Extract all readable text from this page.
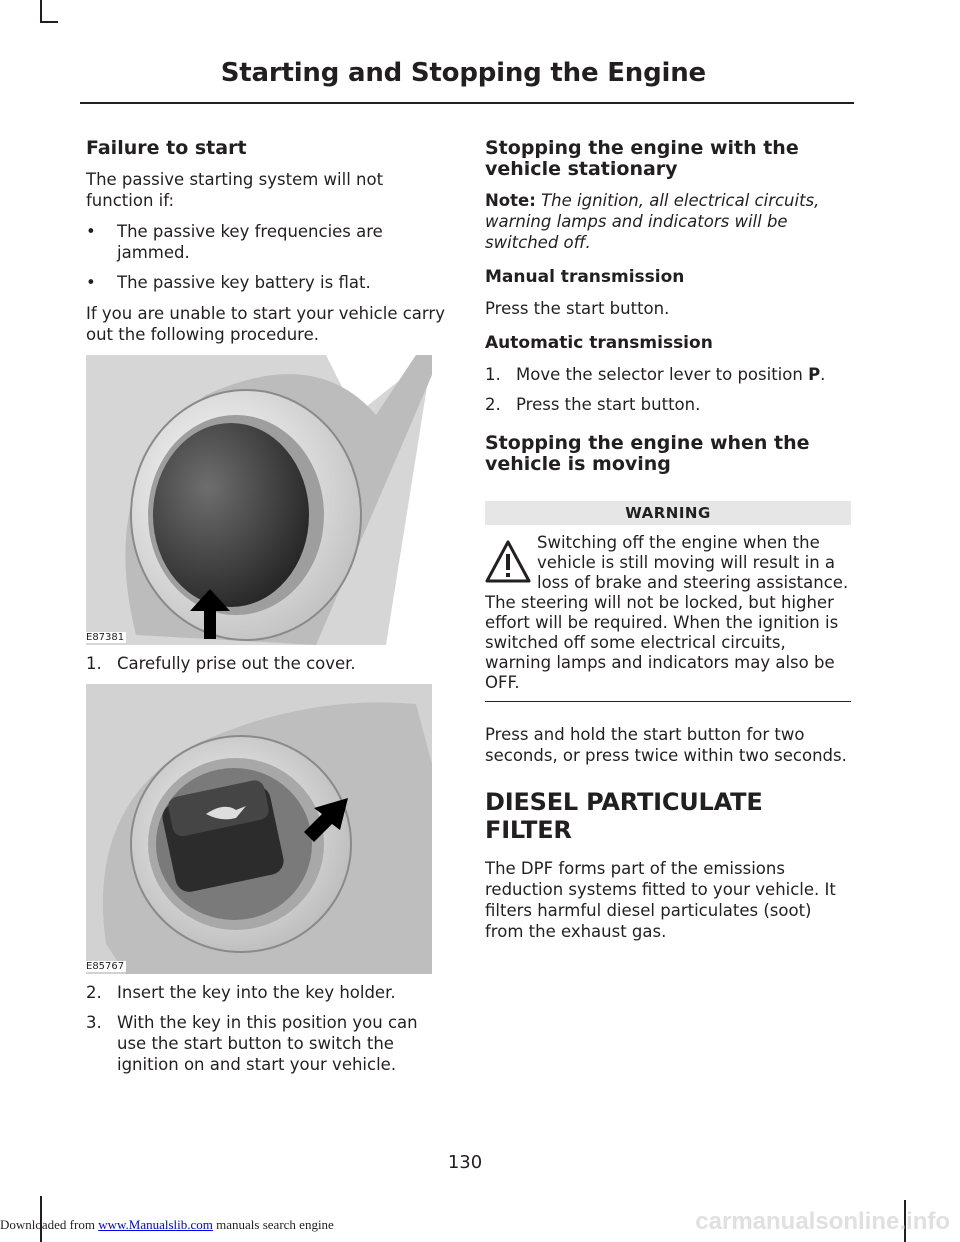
Starting and Stopping the Engine
Failure to start

The passive starting system will not function if:

• The passive key frequencies are jammed.
• The passive key battery is flat.

If you are unable to start your vehicle carry out the following procedure.

E87381
1. Carefully prise out the cover.
E85767
2. Insert the key into the key holder.
3. With the key in this position you can use the start button to switch the ignition on and start your vehicle.
Stopping the engine with the vehicle stationary

Note: The ignition, all electrical circuits, warning lamps and indicators will be switched off.

Manual transmission

Press the start button.

Automatic transmission
1. Move the selector lever to position P.
2. Press the start button.
Stopping the engine when the vehicle is moving
WARNING
Switching off the engine when the vehicle is still moving will result in a loss of brake and steering assistance. The steering will not be locked, but higher effort will be required. When the ignition is switched off some electrical circuits, warning lamps and indicators may also be OFF.

Press and hold the start button for two seconds, or press twice within two seconds.

DIESEL PARTICULATE FILTER

The DPF forms part of the emissions reduction systems fitted to your vehicle. It filters harmful diesel particulates (soot) from the exhaust gas.

130
Downloaded from www.Manualslib.com manuals search engine	carmanualsonline.info
